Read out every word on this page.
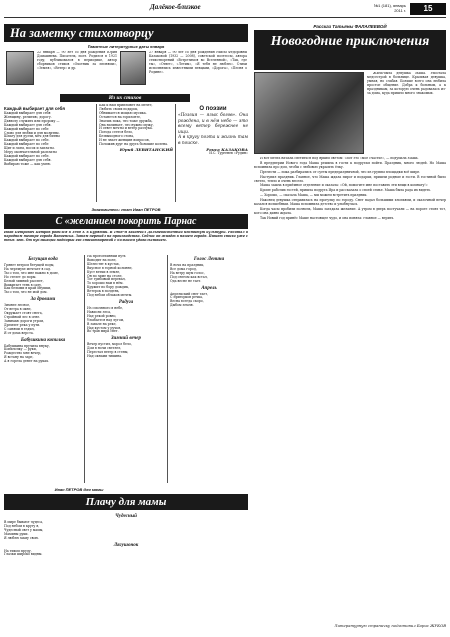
Далёкое-близкое	№1 (181), январь 2011 г.	15
На заметку стихотворцу
Памятные литературные даты января
22 января — 90 лет со дня рождения Юрия Домашнева. Писатель, поэт. Родился в 1921 году, публиковался в периодике, автор сборников стихов «Охотник за песнями», «Земля», «Ветер» и др.
27 января — 90 лет со дня рождения Раисы Федоровны Казаковой (1932 — 2008), советской поэтессы, автора стихотворений «Встретимся во Вселенной», «Так, где ты», «Ответ», «Летим», «Я тебя не люблю». Стихи исполнялись известными певцами, «Дорога», «Песня о Родине».
Из их стихов
Каждый выбирает для себя
Каждый выбирает для себя
Женщину, религию, дорогу.
Дьяволу служить или пророку —
Каждый выбирает для себя.
Каждый выбирает по себе
Слово для любви и для молитвы.
Шпагу для дуэли, меч для битвы
Каждый выбирает по себе.
Каждый выбирает по себе
Щит и латы, посох и заплаты.
Меру окончательной расплаты
Каждый выбирает по себе.
Каждый выбирает для себя.
Выбираю тоже — как умею.
Как к нам приплывёт на мечте,
Любить своих подарок,
Обнимается мощью мусика.
Останется на горизонте,
Знаешь пока, что тоже дружба,
Она начинает, что нужно мужу,
И ответ мечты и ветер разлука.
Погода сеется бело,
Безвыходного стона,
И не знает женщин вопросов,
Положив друг на друга большие колена.
Юрий ЛЕВИТАНСКИЙ
О поэзии
«Поэзия — язык богов». Она рождена, и в нём небо — это всему ветер бережнее не ищи.
А в кругу поэта и жизнь там в поиске.
Раиса КАЗАКОВА
И.С. Тургенев «Рудин»
Знакомьтесь: поэт Иван ПЕТРОВ
С «желанием покорить Парнас
Иван Петрович Петров родился в 1960 г. в Бурятии. В 1968-м закончил Дальневосточный институт культуры. Работал в народном театре города Ваниенска. Затем перешёл на производство. Сейчас он живёт в нашем городе. Пишет стихи уже с юных лет. От публикации подборки его стихотворений с большим удовольствием.
Бегущая вода
Грянет ветром бегущей воды,
На черемухе мечтает в сад.
Ты о том, что мне важно в доме,
Но стелет до поры.
Белый зимний рассвет,
Выжигает тень в саду,
Как белыми в край опушки,
Ты о том, что не мой дом.
За дровами
Зимнее лесное,
От ветра в окне,
Окружает стоят снега,
Стройный лес в огне.
Занимаю дороги утром,
Дремлет река у пути.
С санями я ездил,
Я от дома верста.
Бабушкина копилка
Бабушкина вручила внуку,
Копилочку — руки,
Рождество мне вечер,
Я встану на заре,
А я горела денег на руках.
На протоптанный путь
Выходит на поле,
Шелестят в кустах,
Вкусное в горной колонне,
Куст ветки в земле,
Он по зиме на столе,
Тот грибовый перевал,
То хорошо нам в нём.
Кружит по бору дождик,
Ветерок в полдень,
Под небом облаков мечты.
Радуга
Из смоляного в небе,
Нависли леса,
Над рекой ровно,
Улыбается над лугом,
В завале на реке,
Над кустом у ручья,
Во трав мира свет.
Зимний вечер
Вечер пустил, мороз бело,
Дом в ночи светлел,
Перестал ветер в стены,
Над окнами тишина.
Голос Ленина
В ночь на праздник,
Все дома город,
На ветру шум голос,
Под снегом как встал,
Ода весне не тает.
Апрель
Апрельский снег тает,
С пригорков речка,
Весна всегда скоро,
Дыбом земля.
Иван ПЕТРОВ для мамы
Плачу для мамы
Чудесный
В мире бывают чудеса,
Под небом в кругу я,
Чудесный свет у мамы,
Мамины руки.
Я люблю маму свою.
Лягушонок
На тихом пруду,
Глазки широко видны.
Рассказ Татьяны ФАЛАЛЕЕВОЙ
Новогодние приключения

Жила-была девушка Маша. Работала медсестрой в больнице. Красивая девушка, умная, но слабая. Больше всего она любила простое общение. Добра к больным, а к праздникам, за которую очень радовалась из-за дома, куда пришло много знакомых.

И вот мечта начала светиться под ярким светом: «Вот это «мое счастье», — подумала Маша.

В преддверии Нового года Маша решила в гости к подругам пойти. Праздник, много людей. Но Маша вспомнила про дом, чтобы с любовью украсить ёлку.

Прелести — пока разбирались от суеты предпраздничной, что из группы площадки всё шире.

Наступил праздник. Главное, что Маша ждала пирог и подарки, пришли родные и гости. В гостиной было светло, тепло и очень весело.

Маша зашла в приёмное отделение и сказала: «Ой, помогите мне поставить эти вещи в комнату!»

Кроме рабочих гостей, пришла подруга Ира и рассказала о своей семье. Маша была рада их видеть.

— Хорошо, — сказала Маша, — мы можем встретить праздник.

Наконец девушка отправилась на прогулку по городу. Снег падал большими хлопьями, и сказочный вечер казался волшебным. Маша вспомнила детство и улыбнулась.

Когда часы пробили полночь, Маша загадала желание. А утром в дверь постучали — на пороге стоял тот, кого она давно ждала.

Так Новый год принёс Маше настоящее чудо, и она поняла: главное — верить.

Литературную страничку подготовил Борис ЖУКОВ
